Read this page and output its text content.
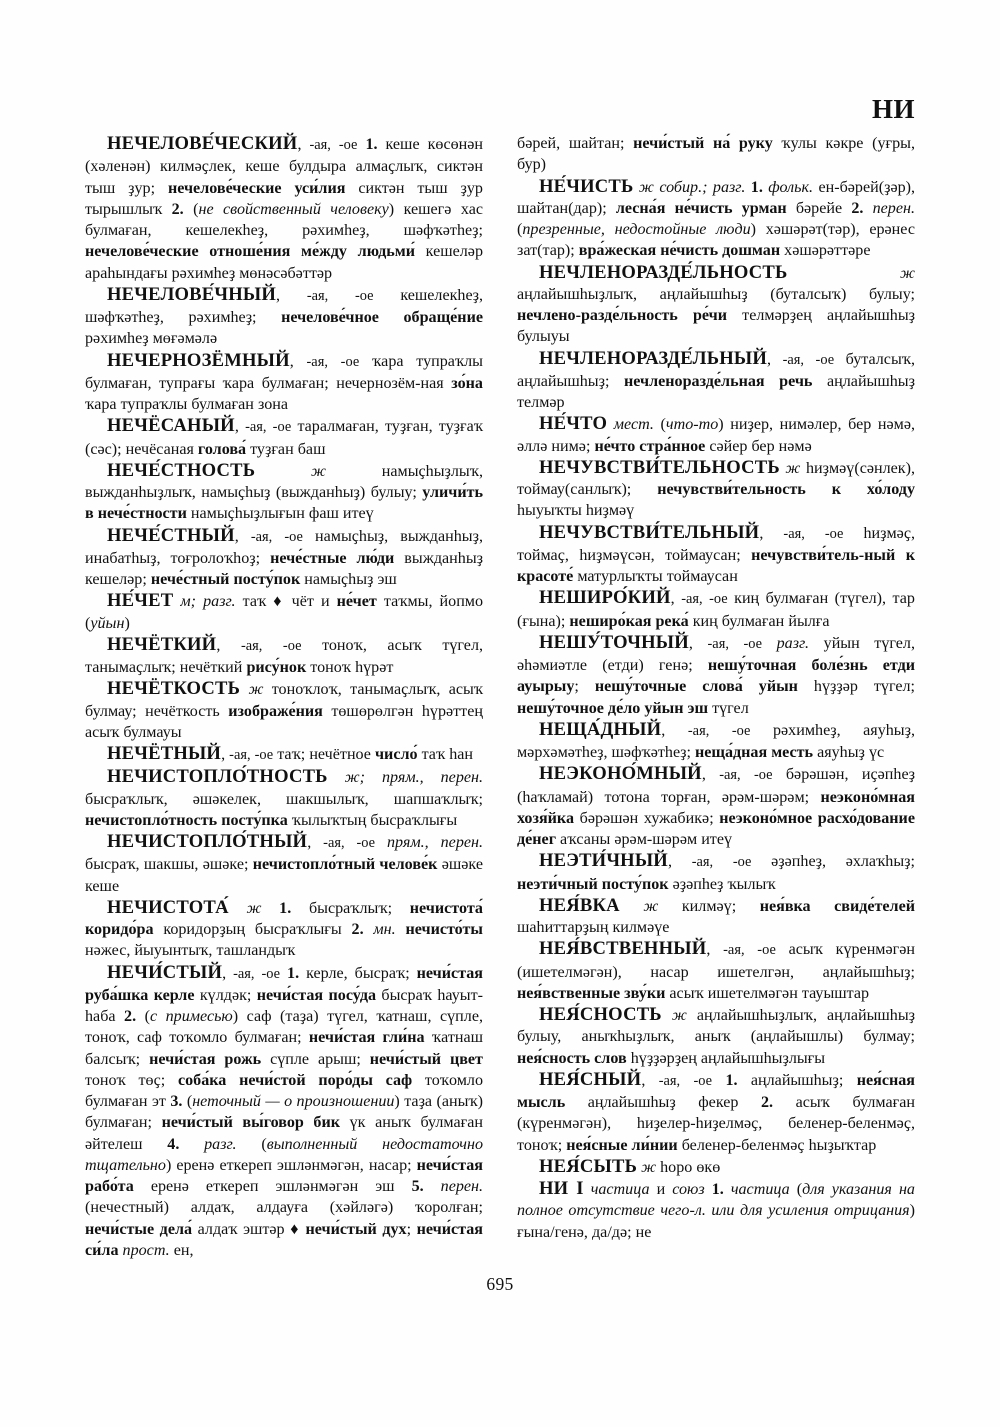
НИ

НЕЧЕЛОВЕ́ЧЕСКИЙ, -ая, -ое 1. кеше көсөнән (хәленән) килмәҫлек, кеше булдыра алмаҫлыҡ, сиктән тыш ҙур; нечелове́ческие уси́лия сиктән тыш ҙур тырышлыҡ 2. (не свойственный человеку) кешегә хас булмаған, кешелекһеҙ, рәхимһеҙ, шәфҡәтһеҙ; нечелове́ческие отноше́ния ме́жду людьми́ кешеләр араһындағы рәхимһеҙ мөнәсәбәттәр

НЕЧЕЛОВЕ́ЧНЫЙ, -ая, -ое кешелекһеҙ, шәфҡәтһеҙ, рәхимһеҙ; нечелове́чное обраще́ние рәхимһеҙ мөғәмәлә

НЕЧЕРНОЗЁМНЫЙ, -ая, -ое ҡара тупраҡлы булмаған, тупрағы ҡара булмаған; нечернозём-ная зо́на ҡара тупраҡлы булмаған зона

НЕЧЁСАНЫЙ, -ая, -ое таралмаған, туҙған, туҙғаҡ (сәс); нечёсаная голова́ туҙған баш

НЕЧЕ́СТНОСТЬ	ж	намыҫһыҙлыҡ, выжданһыҙлыҡ, намыҫһыҙ (выжданһыҙ) булыу; уличи́ть в нече́стности намыҫһыҙлығын фаш итеү

НЕЧЕ́СТНЫЙ, -ая, -ое намыҫһыҙ, выжданһыҙ, инабатһыҙ, тоғролоҡһоҙ; нече́стные лю́ди выжданһыҙ кешеләр; нече́стный посту́пок намыҫһыҙ эш

НЕ́ЧЕТ м; разг. таҡ ♦ чёт и не́чет таҡмы, йопмо (уйын)

НЕЧЁТКИЙ, -ая, -ое тоноҡ, асыҡ түгел, танымаҫлыҡ; нечёткий рису́нок тоноҡ һүрәт

НЕЧЁТКОСТЬ ж тоноҡлоҡ, танымаҫлыҡ, асыҡ булмау; нечёткость изображе́ния төшөрөлгән һүрәттең асыҡ булмауы

НЕЧЁТНЫЙ, -ая, -ое таҡ; нечётное число́ таҡ һан

НЕЧИСТОПЛО́ТНОСТЬ ж; прям., перен. бысраҡлыҡ, әшәкелек, шакшылыҡ, шапшаҡлыҡ; нечистопло́тность посту́пка ҡылыҡтың бысраҡлығы

НЕЧИСТОПЛО́ТНЫЙ, -ая, -ое прям., перен. бысраҡ, шакшы, әшәке; нечистопло́тный челове́к әшәке кеше

НЕЧИСТОТА́ ж 1. бысраҡлыҡ; нечистота́ коридо́ра коридорҙың бысраҡлығы 2. мн. нечисто́ты нәжес, йыуынтыҡ, ташландыҡ

НЕЧИ́СТЫЙ, -ая, -ое 1. керле, бысраҡ; нечи́стая руба́шка керле күлдәк; нечи́стая посу́да бысраҡ һауыт-һаба 2. (с примесью) саф (таҙа) түгел, ҡатнаш, сүпле, тоноҡ, саф тоҡомло булмаған; нечи́стая гли́на ҡатнаш балсыҡ; нечи́стая рожь сүпле арыш; нечи́стый цвет тоноҡ төҫ; соба́ка нечи́стой поро́ды саф тоҡомло булмаған эт 3. (неточный — о произношении) таҙа (аныҡ) булмаған; нечи́стый вы́говор бик үк аныҡ булмаған әйтелеш 4. разг. (выполненный недостаточно тщательно) еренә еткереп эшләнмәгән, насар; нечи́стая рабо́та еренә еткереп эшләнмәгән эш 5. перен. (нечестный) алдаҡ, алдауға (хәйләгә) ҡоролған; нечи́стые дела́ алдаҡ эштәр ♦ нечи́стый дух; нечи́стая си́ла прост. ен,

бәрей, шайтан; нечи́стый на́ руку ҡулы кәкре (уғры, бур)

НЕ́ЧИСТЬ ж собир.; разг. 1. фольк. ен-бәрей(ҙәр), шайтан(дар); лесна́я не́чисть урман бәрейе 2. перен. (презренные, недостойные люди) хәшәрәт(тәр), ерәнес зат(тар); вра́жеская не́чисть дошман хәшәрәттәре

НЕЧЛЕНОРАЗДЕ́ЛЬНОСТЬ	ж аңлайышһыҙлыҡ, аңлайышһыҙ (буталсыҡ) булыу; нечлено-разде́льность ре́чи телмәрҙең аңлайышһыҙ булыуы

НЕЧЛЕНОРАЗДЕ́ЛЬНЫЙ, -ая, -ое буталсыҡ, аңлайышһыҙ; нечленоразде́льная речь аңлайышһыҙ телмәр

НЕ́ЧТО мест. (что-то) ниҙер, нимәлер, бер нәмә, әллә нимә; не́что стра́нное сәйер бер нәмә

НЕЧУВСТВИ́ТЕЛЬНОСТЬ ж һиҙмәү(сәнлек), тоймау(санлыҡ); нечувстви́тельность к хо́лоду һыуыҡты һиҙмәү

НЕЧУВСТВИ́ТЕЛЬНЫЙ, -ая, -ое һиҙмәҫ, тоймаҫ, һиҙмәүсән, тоймаусан; нечувстви́тель-ный к красоте́ матурлыҡты тоймаусан

НЕШИРО́КИЙ, -ая, -ое киң булмаған (түгел), тар (ғына); неширо́кая река́ киң булмаған йылға

НЕШУ́ТОЧНЫЙ, -ая, -ое разг. уйын түгел, әһәмиәтле (етди) генә; нешу́точная боле́знь етди ауырыу; нешу́точные слова́ уйын һүҙҙәр түгел; нешу́точное де́ло уйын эш түгел

НЕЩА́ДНЫЙ, -ая, -ое рәхимһеҙ, аяуһыҙ, мәрхәмәтһеҙ, шәфҡәтһеҙ; неща́дная месть аяуһыҙ үс

НЕЭКОНО́МНЫЙ, -ая, -ое бәрәшән, иҫәпһеҙ (һаҡламай) тотона торған, әрәм-шәрәм; неэконо́мная хозя́йка бәрәшән хужабикә; неэконо́мное расхо́дование де́нег аҡсаны әрәм-шәрәм итеү

НЕЭТИ́ЧНЫЙ, -ая, -ое әҙәпһеҙ, әхлаҡһыҙ; неэти́чный посту́пок әҙәпһеҙ ҡылыҡ

НЕЯ́ВКА ж килмәү; нея́вка свиде́телей шаһиттарҙың килмәүе

НЕЯ́ВСТВЕННЫЙ, -ая, -ое асыҡ күренмәгән (ишетелмәгән), насар ишетелгән, аңлайышһыҙ; нея́вственные зву́ки асыҡ ишетелмәгән тауыштар

НЕЯ́СНОСТЬ ж аңлайышһыҙлыҡ, аңлайышһыҙ булыу, аныҡһыҙлыҡ, аныҡ (аңлайышлы) булмау; нея́сность слов һүҙҙәрҙең аңлайышһыҙлығы

НЕЯ́СНЫЙ, -ая, -ое 1. аңлайышһыҙ; нея́сная мысль аңлайышһыҙ фекер 2. асыҡ булмаған (күренмәгән), һиҙелер-һиҙелмәҫ, беленер-беленмәҫ, тоноҡ; нея́сные ли́нии беленер-беленмәҫ һыҙыҡтар

НЕЯ́СЫТЬ ж һоро өкө

НИ I частица и союз 1. частица (для указания на полное отсутствие чего-л. или для усиления отрицания) ғына/генә, да/дә; не

695
